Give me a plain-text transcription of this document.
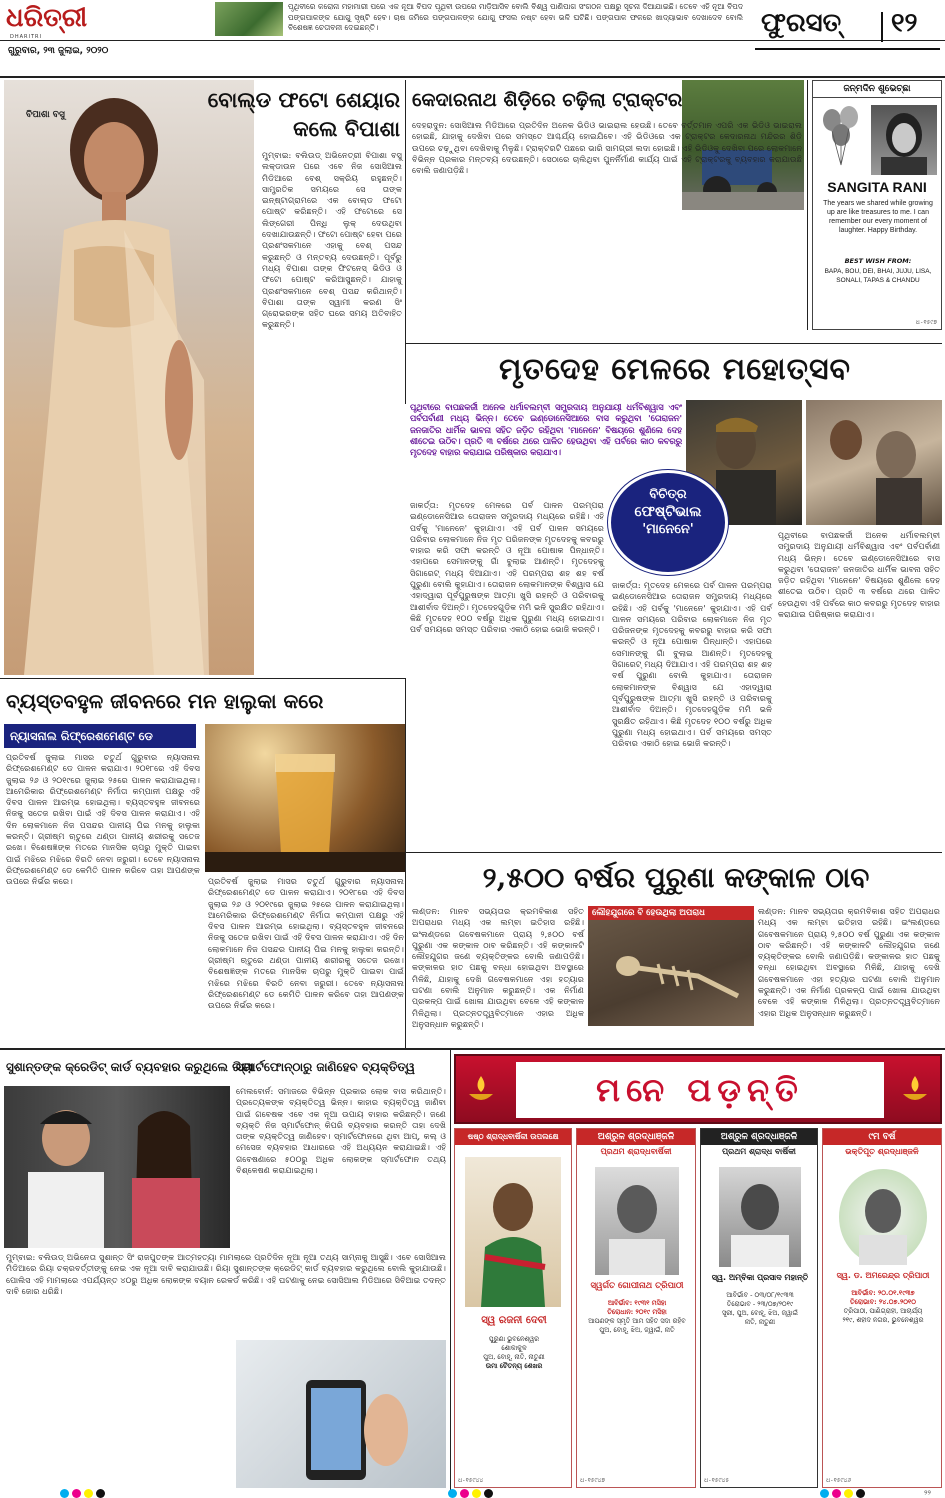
ଧରିତ୍ରୀ
DHARITRI
ଗୁରୁବାର, ୨୩ ଜୁଲାଇ, ୨୦୨୦
ପୃଥିବୀରେ କରୋନା ମହାମାରୀ ପରେ ଏକ ନୂଆ ବିପଦ ପୃଥିବୀ ଉପରେ ମାଡ଼ିଆସିବ ବୋଲି ବିଶ୍ୱ ପାଣିପାଗ ସଂଗଠନ ପକ୍ଷରୁ ସୂଚନା ଦିଆଯାଇଛି। ତେବେ ଏହି ନୂଆ ବିପଦ ପଙ୍ଗପାଳଙ୍କ ଯୋଗୁ ସୃଷ୍ଟି ହେବ। ଚାଷ ଜମିରେ ପଙ୍ଗପାଳଙ୍କ ଯୋଗୁ ଫସଲ ନଷ୍ଟ ହେବା ଭଳି ଘଟିଛି। ପଙ୍ଗପାଳ ଫଳରେ ଖାଦ୍ୟାଭାବ ଦେଖାଦେବ ବୋଲି ବିଶେଷଜ୍ଞ ଚେତାବନୀ ଦେଇଛନ୍ତି।	ଫୁରସତ୍ ୧୨
ବିପାଶା ବସୁ
ବୋଲ୍ଡ ଫଟୋ ଶେୟାର କଲେ ବିପାଶା
ମୁମ୍ବାଇ: ବଲିଉଡ୍ ଅଭିନେତ୍ରୀ ବିପାଶା ବସୁ ଲକ୍‌ଡାଉନ ପରେ ଏବେ ନିଜ ସୋସିଆଲ ମିଡିଆରେ ବେଶ୍ ସକ୍ରିୟ ରହୁଛନ୍ତି। ସାମ୍ପ୍ରତିକ ସମୟରେ ସେ ତାଙ୍କ ଇନ୍‌ଷ୍ଟାଗ୍ରାମରେ ଏକ ବୋଲ୍ଡ ଫଟୋ ପୋଷ୍ଟ କରିଛନ୍ତି। ଏହି ଫଟୋରେ ସେ ଲିଙ୍ଗେରୀ ପିନ୍ଧି ଲୁକ୍ ଦେଉଥିବା ଦେଖାଯାଉଛନ୍ତି। ଫଟୋ ପୋଷ୍ଟ ହେବା ପରେ ପ୍ରଶଂସକମାନେ ଏହାକୁ ବେଶ୍ ପସନ୍ଦ କରୁଛନ୍ତି ଓ ମନ୍ତବ୍ୟ ଦେଉଛନ୍ତି। ପୂର୍ବରୁ ମଧ୍ୟ ବିପାଶା ତାଙ୍କ ଫିଟନେସ୍ ଭିଡିଓ ଓ ଫଟୋ ପୋଷ୍ଟ କରିଆସୁଛନ୍ତି। ଯାହାକୁ ପ୍ରଶଂସକମାନେ ବେଶ୍ ପସନ୍ଦ କରିଥାନ୍ତି। ବିପାଶା ତାଙ୍କ ସ୍ୱାମୀ କରଣ ସିଂ ଗ୍ରୋଭରଙ୍କ ସହିତ ଘରେ ସମୟ ଅତିବାହିତ କରୁଛନ୍ତି।
କେଦାରନାଥ ଶିଡ଼ିରେ ଚଢ଼ିଲା ଟ୍ରାକ୍ଟର
ଦେହରାଦୁନ: ସୋସିଆଲ ମିଡିଆରେ ପ୍ରତିଦିନ ଅନେକ ଭିଡିଓ ଭାଇରାଲ ହେଉଛି। ତେବେ ବର୍ତ୍ତମାନ ଏପରି ଏକ ଭିଡିଓ ଭାଇରାଲ ହୋଇଛି, ଯାହାକୁ ଦେଖିବା ପରେ ସମସ୍ତେ ଆଶ୍ଚର୍ଯ୍ୟ ହୋଇଯିବେ। ଏହି ଭିଡିଓରେ ଏକ ଟ୍ରାକ୍ଟର କେଦାରନାଥ ମନ୍ଦିରର ଶିଡ଼ି ଉପରେ ଚଢ଼ୁଥିବା ଦେଖିବାକୁ ମିଳୁଛି। ଟ୍ରାକ୍ଟରଟି ପଛରେ ଭାରି ସାମଗ୍ରୀ ଲଦା ହୋଇଛି। ଏହି ଭିଡିଓକୁ ଦେଖିବା ପରେ ଲୋକମାନେ ବିଭିନ୍ନ ପ୍ରକାର ମନ୍ତବ୍ୟ ଦେଉଛନ୍ତି। ସେଠାରେ ଚାଲିଥିବା ପୁନର୍ନିର୍ମାଣ କାର୍ଯ୍ୟ ପାଇଁ ଏହି ଟ୍ରାକ୍ଟରକୁ ବ୍ୟବହାର କରାଯାଉଛି ବୋଲି ଜଣାପଡ଼ିଛି।
ଜନ୍ମଦିନ ଶୁଭେଚ୍ଛା
SANGITA RANI
The years we shared while growing up are like treasures to me. I can remember our every moment of laughter. Happy Birthday.
BEST WISH FROM:
BAPA, BOU, DEI, BHAI, JUJU, LISA, SONALI, TAPAS & CHANDU
ଧ-୧୫୯୭
ମୃତଦେହ ମେଳରେ ମହୋତ୍ସବ
ପୃଥିବୀରେ ବାପଛକର୍ଜୀ ଅନେକ ଧର୍ମାବଲମ୍ବୀ ସମ୍ପ୍ରଦାୟ ଅନୁଯାୟୀ ଧର୍ମବିଶ୍ୱାସ ଏବଂ ପର୍ବପର୍ବାଣୀ ମଧ୍ୟ ଭିନ୍ନ। ତେବେ ଇଣ୍ଡୋନେସିଆରେ ବାସ କରୁଥିବା 'ତୋରାଜନ' ଜନଜାତିର ଧାର୍ମିକ ଭାବନା ସହିତ ଜଡ଼ିତ ରହିଥିବା 'ମାନେନେ' ବିଷୟରେ ଶୁଣିଲେ ଦେହ ଶୀତେଇ ଉଠିବ। ପ୍ରତି ୩ ବର୍ଷରେ ଥରେ ପାଳିତ ହେଉଥିବା ଏହି ପର୍ବରେ କାଠ କବରରୁ ମୃତଦେହ ବାହାର କରାଯାଇ ପରିଷ୍କାର କରାଯାଏ।
ବିଚିତ୍ର
ଫେଷ୍ଟିଭାଲ
'ମାନେନେ'
ଜାକର୍ତ୍ତା: ମୃତଦେହ ମେଳରେ ପର୍ବ ପାଳନ ପରମ୍ପରା ଇଣ୍ଡୋନେସିଆର ତୋରାଜନ ସମ୍ପ୍ରଦାୟ ମଧ୍ୟରେ ରହିଛି। ଏହି ପର୍ବକୁ 'ମାନେନେ' କୁହାଯାଏ। ଏହି ପର୍ବ ପାଳନ ସମୟରେ ପରିବାର ଲୋକମାନେ ନିଜ ମୃତ ପରିଜନଙ୍କ ମୃତଦେହକୁ କବରରୁ ବାହାର କରି ସଫା କରନ୍ତି ଓ ନୂଆ ପୋଷାକ ପିନ୍ଧାନ୍ତି। ଏହାପରେ ସେମାନଙ୍କୁ ଗାଁ ବୁଲାଇ ଆଣନ୍ତି। ମୃତଦେହକୁ ସିଗାରେଟ୍ ମଧ୍ୟ ଦିଆଯାଏ। ଏହି ପରମ୍ପରା ଶହ ଶହ ବର୍ଷ ପୁରୁଣା ବୋଲି କୁହାଯାଏ। ତୋରାଜନ ଲୋକମାନଙ୍କ ବିଶ୍ୱାସ ଯେ ଏହାଦ୍ୱାରା ପୂର୍ବପୁରୁଷଙ୍କ ଆତ୍ମା ଖୁସି ରହନ୍ତି ଓ ପରିବାରକୁ ଆଶୀର୍ବାଦ ଦିଅନ୍ତି। ମୃତଦେହଗୁଡ଼ିକ ମମି ଭଳି ସୁରକ୍ଷିତ ରହିଥାଏ। କିଛି ମୃତଦେହ ୧୦୦ ବର୍ଷରୁ ଅଧିକ ପୁରୁଣା ମଧ୍ୟ ହୋଇଥାଏ। ପର୍ବ ସମୟରେ ସମସ୍ତ ପରିବାର ଏକାଠି ହୋଇ ଭୋଜି କରନ୍ତି।
ଜାକର୍ତ୍ତା: ମୃତଦେହ ମେଳରେ ପର୍ବ ପାଳନ ପରମ୍ପରା ଇଣ୍ଡୋନେସିଆର ତୋରାଜନ ସମ୍ପ୍ରଦାୟ ମଧ୍ୟରେ ରହିଛି। ଏହି ପର୍ବକୁ 'ମାନେନେ' କୁହାଯାଏ। ଏହି ପର୍ବ ପାଳନ ସମୟରେ ପରିବାର ଲୋକମାନେ ନିଜ ମୃତ ପରିଜନଙ୍କ ମୃତଦେହକୁ କବରରୁ ବାହାର କରି ସଫା କରନ୍ତି ଓ ନୂଆ ପୋଷାକ ପିନ୍ଧାନ୍ତି। ଏହାପରେ ସେମାନଙ୍କୁ ଗାଁ ବୁଲାଇ ଆଣନ୍ତି। ମୃତଦେହକୁ ସିଗାରେଟ୍ ମଧ୍ୟ ଦିଆଯାଏ। ଏହି ପରମ୍ପରା ଶହ ଶହ ବର୍ଷ ପୁରୁଣା ବୋଲି କୁହାଯାଏ। ତୋରାଜନ ଲୋକମାନଙ୍କ ବିଶ୍ୱାସ ଯେ ଏହାଦ୍ୱାରା ପୂର୍ବପୁରୁଷଙ୍କ ଆତ୍ମା ଖୁସି ରହନ୍ତି ଓ ପରିବାରକୁ ଆଶୀର୍ବାଦ ଦିଅନ୍ତି। ମୃତଦେହଗୁଡ଼ିକ ମମି ଭଳି ସୁରକ୍ଷିତ ରହିଥାଏ। କିଛି ମୃତଦେହ ୧୦୦ ବର୍ଷରୁ ଅଧିକ ପୁରୁଣା ମଧ୍ୟ ହୋଇଥାଏ। ପର୍ବ ସମୟରେ ସମସ୍ତ ପରିବାର ଏକାଠି ହୋଇ ଭୋଜି କରନ୍ତି।
ପୃଥିବୀରେ ବାପଛକର୍ଜୀ ଅନେକ ଧର୍ମାବଲମ୍ବୀ ସମ୍ପ୍ରଦାୟ ଅନୁଯାୟୀ ଧର୍ମବିଶ୍ୱାସ ଏବଂ ପର୍ବପର୍ବାଣୀ ମଧ୍ୟ ଭିନ୍ନ। ତେବେ ଇଣ୍ଡୋନେସିଆରେ ବାସ କରୁଥିବା 'ତୋରାଜନ' ଜନଜାତିର ଧାର୍ମିକ ଭାବନା ସହିତ ଜଡ଼ିତ ରହିଥିବା 'ମାନେନେ' ବିଷୟରେ ଶୁଣିଲେ ଦେହ ଶୀତେଇ ଉଠିବ। ପ୍ରତି ୩ ବର୍ଷରେ ଥରେ ପାଳିତ ହେଉଥିବା ଏହି ପର୍ବରେ କାଠ କବରରୁ ମୃତଦେହ ବାହାର କରାଯାଇ ପରିଷ୍କାର କରାଯାଏ।
ବ୍ୟସ୍ତବହୁଳ ଜୀବନରେ ମନ ହାଲୁକା କରେ
ନ୍ୟାସନାଲ ରିଫ୍ରେଶମେଣ୍ଟ ଡେ
ପ୍ରତିବର୍ଷ ଜୁଲାଇ ମାସର ଚତୁର୍ଥ ଗୁରୁବାର ନ୍ୟାସନାଲ ରିଫ୍ରେଶମେଣ୍ଟ ଡେ ପାଳନ କରାଯାଏ। ୨୦୧୮ରେ ଏହି ଦିବସ ଜୁଲାଇ ୨୬ ଓ ୨୦୧୯ରେ ଜୁଲାଇ ୨୫ରେ ପାଳନ କରାଯାଇଥିଲା। ଆମେରିକାର ରିଫ୍ରେଶମେଣ୍ଟ ନିର୍ମାତା କମ୍ପାନୀ ପକ୍ଷରୁ ଏହି ଦିବସ ପାଳନ ଆରମ୍ଭ ହୋଇଥିଲା। ବ୍ୟସ୍ତବହୁଳ ଜୀବନରେ ନିଜକୁ ସତେଜ ରଖିବା ପାଇଁ ଏହି ଦିବସ ପାଳନ କରାଯାଏ। ଏହି ଦିନ ଲୋକମାନେ ନିଜ ପସନ୍ଦର ପାନୀୟ ପିଇ ମନକୁ ହାଲୁକା କରନ୍ତି। ଗ୍ରୀଷ୍ମ ଋତୁରେ ଥଣ୍ଡା ପାନୀୟ ଶରୀରକୁ ସତେଜ ରଖେ। ବିଶେଷଜ୍ଞଙ୍କ ମତରେ ମାନସିକ ଚାପରୁ ମୁକ୍ତି ପାଇବା ପାଇଁ ମଝିରେ ମଝିରେ ବିରତି ନେବା ଜରୁରୀ। ତେବେ ନ୍ୟାସନାଲ ରିଫ୍ରେଶମେଣ୍ଟ ଡେ କେମିତି ପାଳନ କରିବେ ତାହା ଆପଣଙ୍କ ଉପରେ ନିର୍ଭର କରେ।	ପ୍ରତିବର୍ଷ ଜୁଲାଇ ମାସର ଚତୁର୍ଥ ଗୁରୁବାର ନ୍ୟାସନାଲ ରିଫ୍ରେଶମେଣ୍ଟ ଡେ ପାଳନ କରାଯାଏ। ୨୦୧୮ରେ ଏହି ଦିବସ ଜୁଲାଇ ୨୬ ଓ ୨୦୧୯ରେ ଜୁଲାଇ ୨୫ରେ ପାଳନ କରାଯାଇଥିଲା। ଆମେରିକାର ରିଫ୍ରେଶମେଣ୍ଟ ନିର୍ମାତା କମ୍ପାନୀ ପକ୍ଷରୁ ଏହି ଦିବସ ପାଳନ ଆରମ୍ଭ ହୋଇଥିଲା। ବ୍ୟସ୍ତବହୁଳ ଜୀବନରେ ନିଜକୁ ସତେଜ ରଖିବା ପାଇଁ ଏହି ଦିବସ ପାଳନ କରାଯାଏ। ଏହି ଦିନ ଲୋକମାନେ ନିଜ ପସନ୍ଦର ପାନୀୟ ପିଇ ମନକୁ ହାଲୁକା କରନ୍ତି। ଗ୍ରୀଷ୍ମ ଋତୁରେ ଥଣ୍ଡା ପାନୀୟ ଶରୀରକୁ ସତେଜ ରଖେ। ବିଶେଷଜ୍ଞଙ୍କ ମତରେ ମାନସିକ ଚାପରୁ ମୁକ୍ତି ପାଇବା ପାଇଁ ମଝିରେ ମଝିରେ ବିରତି ନେବା ଜରୁରୀ। ତେବେ ନ୍ୟାସନାଲ ରିଫ୍ରେଶମେଣ୍ଟ ଡେ କେମିତି ପାଳନ କରିବେ ତାହା ଆପଣଙ୍କ ଉପରେ ନିର୍ଭର କରେ।
୨,୫୦୦ ବର୍ଷର ପୁରୁଣା କଙ୍କାଳ ଠାବ
ଲଣ୍ଡନ: ମାନବ ସଭ୍ୟତାର କ୍ରମବିକାଶ ସହିତ ଅପରାଧର ମଧ୍ୟ ଏକ ଲମ୍ବା ଇତିହାସ ରହିଛି। ଇଂଲଣ୍ଡରେ ଗବେଷକମାନେ ପ୍ରାୟ ୨,୫୦୦ ବର୍ଷ ପୁରୁଣା ଏକ କଙ୍କାଳ ଠାବ କରିଛନ୍ତି। ଏହି କଙ୍କାଳଟି ଲୌହଯୁଗର ଜଣେ ବ୍ୟକ୍ତିଙ୍କର ବୋଲି ଜଣାପଡ଼ିଛି। କଙ୍କାଳର ହାତ ପଛକୁ ବନ୍ଧା ହୋଇଥିବା ଅବସ୍ଥାରେ ମିଳିଛି, ଯାହାକୁ ଦେଖି ଗବେଷକମାନେ ଏହା ହତ୍ୟାର ଘଟଣା ବୋଲି ଅନୁମାନ କରୁଛନ୍ତି। ଏକ ନିର୍ମାଣ ପ୍ରକଳ୍ପ ପାଇଁ ଖୋଳା ଯାଉଥିବା ବେଳେ ଏହି କଙ୍କାଳ ମିଳିଥିଲା। ପ୍ରତ୍ନତତ୍ତ୍ୱବିତ୍‌ମାନେ ଏହାର ଅଧିକ ଅନୁସନ୍ଧାନ କରୁଛନ୍ତି।
ଲୌହଯୁଗରେ ବି ହେଉଥିଲା ଅପରାଧ	ଲଣ୍ଡନ: ମାନବ ସଭ୍ୟତାର କ୍ରମବିକାଶ ସହିତ ଅପରାଧର ମଧ୍ୟ ଏକ ଲମ୍ବା ଇତିହାସ ରହିଛି। ଇଂଲଣ୍ଡରେ ଗବେଷକମାନେ ପ୍ରାୟ ୨,୫୦୦ ବର୍ଷ ପୁରୁଣା ଏକ କଙ୍କାଳ ଠାବ କରିଛନ୍ତି। ଏହି କଙ୍କାଳଟି ଲୌହଯୁଗର ଜଣେ ବ୍ୟକ୍ତିଙ୍କର ବୋଲି ଜଣାପଡ଼ିଛି। କଙ୍କାଳର ହାତ ପଛକୁ ବନ୍ଧା ହୋଇଥିବା ଅବସ୍ଥାରେ ମିଳିଛି, ଯାହାକୁ ଦେଖି ଗବେଷକମାନେ ଏହା ହତ୍ୟାର ଘଟଣା ବୋଲି ଅନୁମାନ କରୁଛନ୍ତି। ଏକ ନିର୍ମାଣ ପ୍ରକଳ୍ପ ପାଇଁ ଖୋଳା ଯାଉଥିବା ବେଳେ ଏହି କଙ୍କାଳ ମିଳିଥିଲା। ପ୍ରତ୍ନତତ୍ତ୍ୱବିତ୍‌ମାନେ ଏହାର ଅଧିକ ଅନୁସନ୍ଧାନ କରୁଛନ୍ତି।
ସୁଶାନ୍ତଙ୍କ କ୍ରେଡିଟ୍ କାର୍ଡ ବ୍ୟବହାର କରୁଥିଲେ ରିୟା
ମୁମ୍ବାଇ: ବଲିଉଡ୍ ଅଭିନେତା ସୁଶାନ୍ତ ସିଂ ରାଜପୁତଙ୍କ ଆତ୍ମହତ୍ୟା ମାମଲାରେ ପ୍ରତିଦିନ ନୂଆ ନୂଆ ତଥ୍ୟ ସାମ୍ନାକୁ ଆସୁଛି। ଏବେ ସୋସିଆଲ ମିଡିଆରେ ରିୟା ଚକ୍ରବର୍ତ୍ତୀଙ୍କୁ ନେଇ ଏକ ନୂଆ ଦାବି କରାଯାଉଛି। ରିୟା ସୁଶାନ୍ତଙ୍କ କ୍ରେଡିଟ୍ କାର୍ଡ ବ୍ୟବହାର କରୁଥିଲେ ବୋଲି କୁହାଯାଉଛି। ପୋଲିସ ଏହି ମାମଲାରେ ଏପର୍ଯ୍ୟନ୍ତ ୪୦ରୁ ଅଧିକ ଲୋକଙ୍କ ବୟାନ ରେକର୍ଡ କରିଛି। ଏହି ଘଟଣାକୁ ନେଇ ସୋସିଆଲ ମିଡିଆରେ ସିବିଆଇ ତଦନ୍ତ ଦାବି ଜୋର ଧରିଛି।
ସ୍ମାର୍ଟଫୋନ୍‌ଠାରୁ ଜାଣିହେବ ବ୍ୟକ୍ତିତ୍ୱ
ମେଲବୋର୍ନ: ସମାଜରେ ବିଭିନ୍ନ ପ୍ରକାର ଲୋକ ବାସ କରିଥାନ୍ତି। ପ୍ରତ୍ୟେକଙ୍କ ବ୍ୟକ୍ତିତ୍ୱ ଭିନ୍ନ। କାହାର ବ୍ୟକ୍ତିତ୍ୱ ଜାଣିବା ପାଇଁ ଗବେଷକ ଏବେ ଏକ ନୂଆ ଉପାୟ ବାହାର କରିଛନ୍ତି। ଜଣେ ବ୍ୟକ୍ତି ନିଜ ସ୍ମାର୍ଟଫୋନ୍ କିପରି ବ୍ୟବହାର କରନ୍ତି ତାହା ଦେଖି ତାଙ୍କ ବ୍ୟକ୍ତିତ୍ୱ ଜାଣିହେବ। ସ୍ମାର୍ଟଫୋନରେ ଥିବା ଆପ୍, କଲ୍ ଓ ମେସେଜ ବ୍ୟବହାର ଆଧାରରେ ଏହି ଅଧ୍ୟୟନ କରାଯାଇଛି। ଏହି ଗବେଷଣାରେ ୫୦୦ରୁ ଅଧିକ ଲୋକଙ୍କ ସ୍ମାର୍ଟଫୋନ ତଥ୍ୟ ବିଶ୍ଳେଷଣ କରାଯାଇଥିଲା।
ମନେ ପଡ଼ନ୍ତି
ଷଷ୍ଠ ଶ୍ରାଦ୍ଧବାର୍ଷିକୀ ଉପଲକ୍ଷେ
ସ୍ୱ ରଜନୀ ଦେବୀ
ପୁରୁଣା ଭୁବନେଶ୍ୱର
ଶୋକାକୁଳ
ପୁଅ, ବୋହୂ, ନାତି, ନାତୁଣୀ
ଉମା ଚୈତନ୍ୟ ଶେଖର
ଧ-୧୫୯୪୪
ଅଶ୍ରୁଳ ଶ୍ରଦ୍ଧାଞ୍ଜଳି
ପ୍ରଥମ ଶ୍ରାଦ୍ଧବାର୍ଷିକୀ
ସ୍ୱର୍ଗତ ଗୋପୀନାଥ ତ୍ରିପାଠୀ
ଆବିର୍ଭାବ: ୧୯୩୧ ମସିହା
ତିରୋଧାନ: ୨୦୧୯ ମସିହା
ଆପଣଙ୍କ ସ୍ମୃତି ଆମ ସହିତ ସଦା ରହିବ
ପୁଅ, ବୋହୂ, ଝିଅ, ଜ୍ୱାଇଁ, ନାତି
ଧ-୧୫୯୪୭
ଅଶ୍ରୁଳ ଶ୍ରଦ୍ଧାଞ୍ଜଳି
ପ୍ରଥମ ଶ୍ରାଦ୍ଧ ବାର୍ଷିକୀ
ସ୍ୱ. ଅମ୍ବିକା ପ୍ରସାଦ ମହାନ୍ତି
ଆବିର୍ଭାବ - ୦୩/୦୮/୧୯୩୩
ତିରୋଭାବ - ୨୩/୦୭/୨୦୧୯
ସ୍ତ୍ରୀ, ପୁଅ, ବୋହୂ, ଝିଅ, ଜ୍ୱାଇଁ
ନାତି, ନାତୁଣୀ
ଧ-୧୫୯୪୫
୯ମ ବର୍ଷ
ଭକ୍ତିପୂତ ଶ୍ରଦ୍ଧାଞ୍ଜଳି
ସ୍ୱ. ଡ. ଅମରେନ୍ଦ୍ର ତ୍ରିପାଠୀ
ଆବିର୍ଭାବ: ୨୦.୦୧.୧୯୩୭
ତିରୋଭାବ: ୨୪.୦୭.୨୦୧୦
ତ୍ରିପାଠୀ, ପାଣିଗ୍ରାହୀ, ଆଚାର୍ଯ୍ୟ
୨୧୯, ଶହୀଦ ନଗର, ଭୁବନେଶ୍ୱର
ଧ-୧୫୯୪୬
୨୨
